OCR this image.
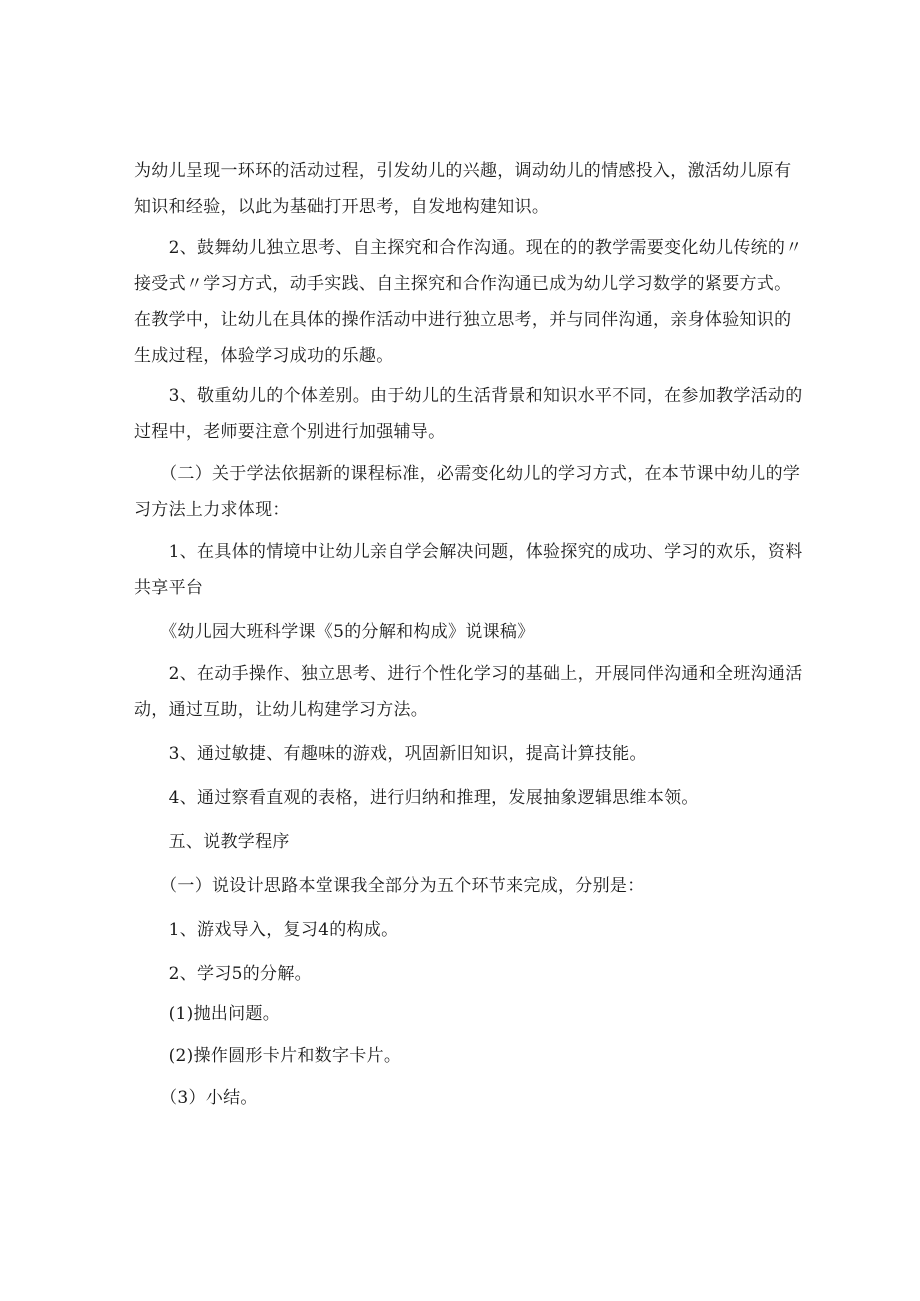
为幼儿呈现一环环的活动过程，引发幼儿的兴趣，调动幼儿的情感投入，激活幼儿原有
知识和经验，以此为基础打开思考，自发地构建知识。
　　2、鼓舞幼儿独立思考、自主探究和合作沟通。现在的的教学需要变化幼儿传统的〃
接受式〃学习方式，动手实践、自主探究和合作沟通已成为幼儿学习数学的紧要方式。
在教学中，让幼儿在具体的操作活动中进行独立思考，并与同伴沟通，亲身体验知识的
生成过程，体验学习成功的乐趣。
　　3、敬重幼儿的个体差别。由于幼儿的生活背景和知识水平不同，在参加教学活动的
过程中，老师要注意个别进行加强辅导。
　　（二）关于学法依据新的课程标准，必需变化幼儿的学习方式，在本节课中幼儿的学
习方法上力求体现：
　　1、在具体的情境中让幼儿亲自学会解决问题，体验探究的成功、学习的欢乐，资料
共享平台
　　《幼儿园大班科学课《5的分解和构成》说课稿》
　　2、在动手操作、独立思考、进行个性化学习的基础上，开展同伴沟通和全班沟通活
动，通过互助，让幼儿构建学习方法。
　　3、通过敏捷、有趣味的游戏，巩固新旧知识，提高计算技能。
　　4、通过察看直观的表格，进行归纳和推理，发展抽象逻辑思维本领。
　　五、说教学程序
　　（一）说设计思路本堂课我全部分为五个环节来完成，分别是：
　　1、游戏导入，复习4的构成。
　　2、学习5的分解。
　　(1)抛出问题。
　　(2)操作圆形卡片和数字卡片。
　　（3）小结。
